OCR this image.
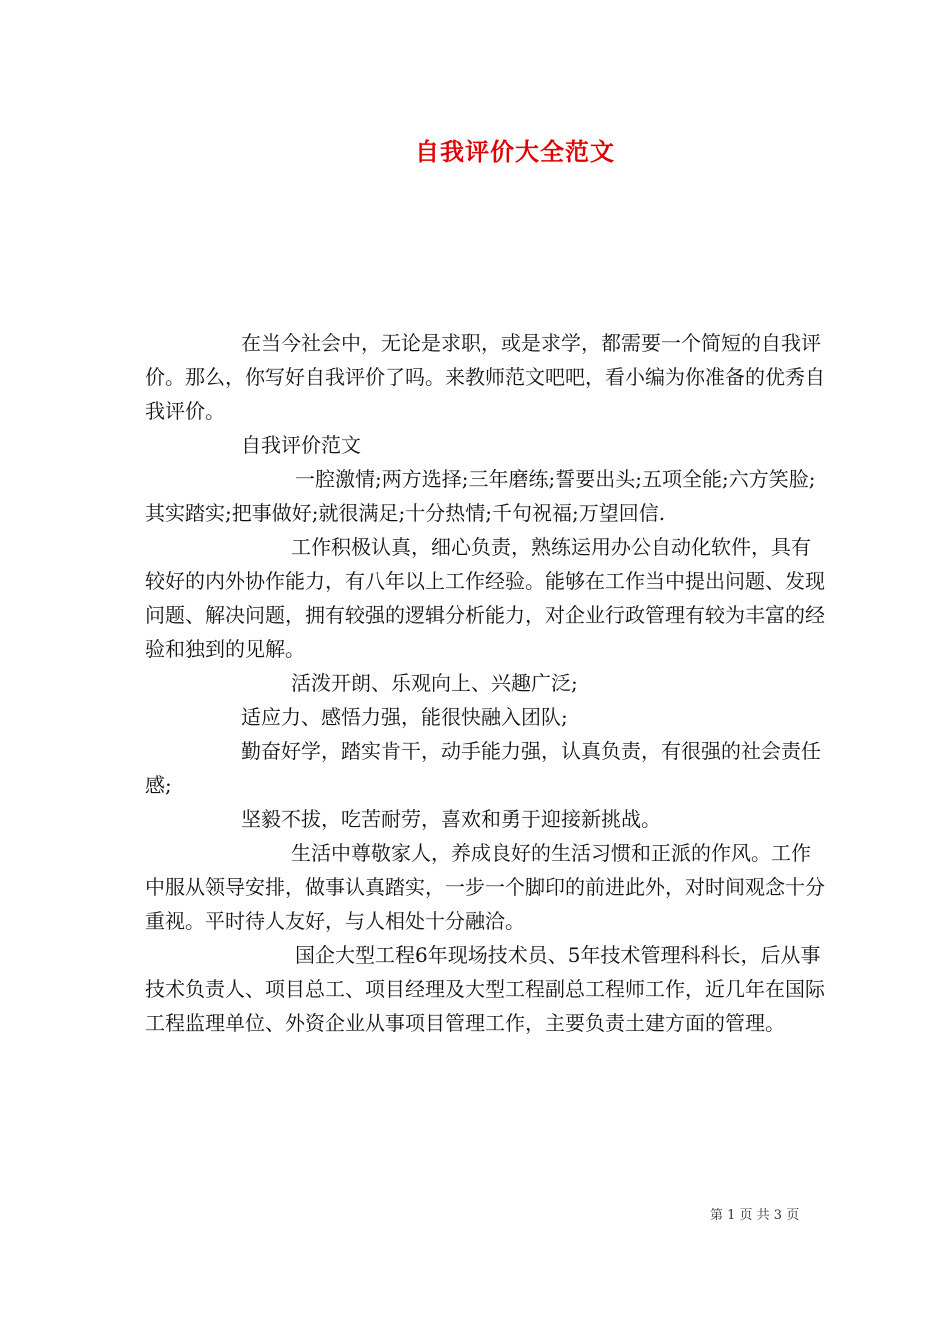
自我评价大全范文

在当今社会中，无论是求职，或是求学，都需要一个简短的自我评价。那么，你写好自我评价了吗。来教师范文吧吧，看小编为你准备的优秀自我评价。

自我评价范文

一腔激情;两方选择;三年磨练;誓要出头;五项全能;六方笑脸;其实踏实;把事做好;就很满足;十分热情;千句祝福;万望回信.

工作积极认真，细心负责，熟练运用办公自动化软件，具有较好的内外协作能力，有八年以上工作经验。能够在工作当中提出问题、发现问题、解决问题，拥有较强的逻辑分析能力，对企业行政管理有较为丰富的经验和独到的见解。

活泼开朗、乐观向上、兴趣广泛;

适应力、感悟力强，能很快融入团队;

勤奋好学，踏实肯干，动手能力强，认真负责，有很强的社会责任感;

坚毅不拔，吃苦耐劳，喜欢和勇于迎接新挑战。

生活中尊敬家人，养成良好的生活习惯和正派的作风。工作中服从领导安排，做事认真踏实，一步一个脚印的前进此外，对时间观念十分重视。平时待人友好，与人相处十分融洽。

国企大型工程6年现场技术员、5年技术管理科科长，后从事技术负责人、项目总工、项目经理及大型工程副总工程师工作，近几年在国际工程监理单位、外资企业从事项目管理工作，主要负责土建方面的管理。

第 1 页 共 3 页
